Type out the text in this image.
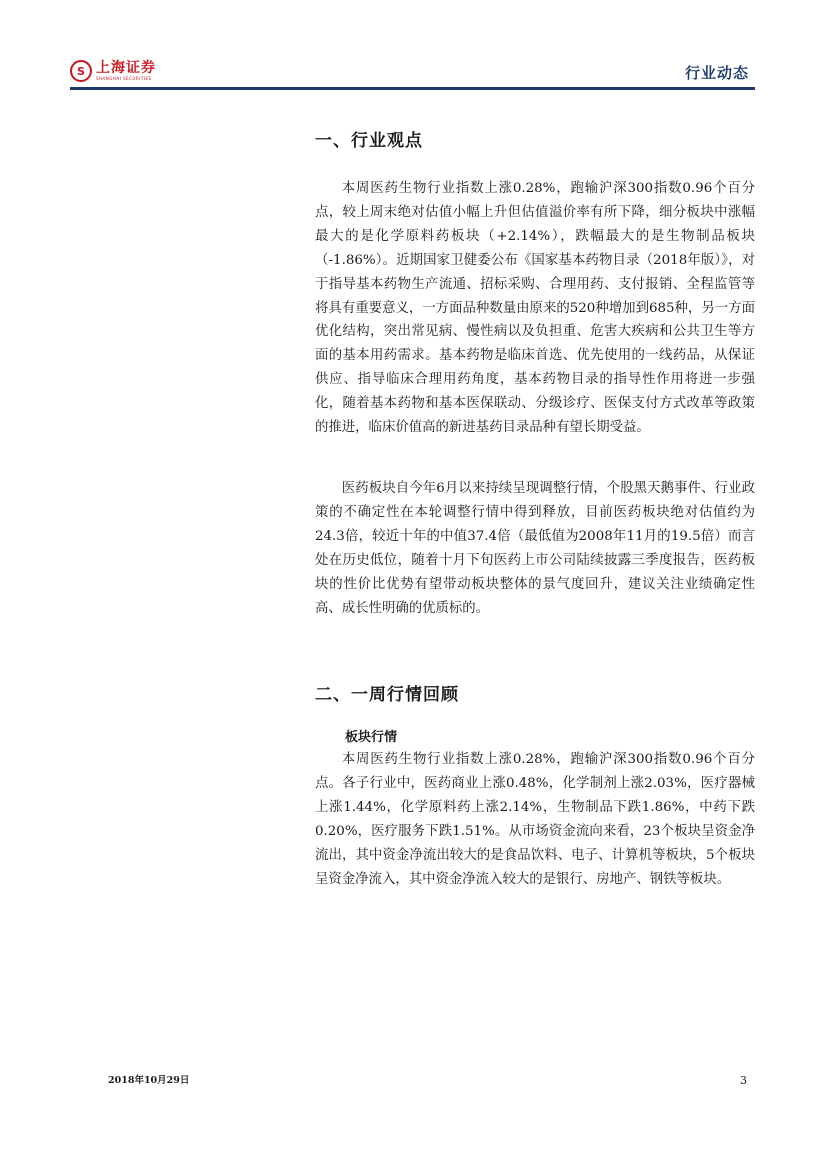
S 上海证券
SHANGHAI SECURITIES	行业动态
一、行业观点

本周医药生物行业指数上涨0.28%，跑输沪深300指数0.96个百分点，较上周末绝对估值小幅上升但估值溢价率有所下降，细分板块中涨幅最大的是化学原料药板块（+2.14%），跌幅最大的是生物制品板块（-1.86%）。近期国家卫健委公布《国家基本药物目录（2018年版）》，对于指导基本药物生产流通、招标采购、合理用药、支付报销、全程监管等将具有重要意义，一方面品种数量由原来的520种增加到685种，另一方面优化结构，突出常见病、慢性病以及负担重、危害大疾病和公共卫生等方面的基本用药需求。基本药物是临床首选、优先使用的一线药品，从保证供应、指导临床合理用药角度，基本药物目录的指导性作用将进一步强化，随着基本药物和基本医保联动、分级诊疗、医保支付方式改革等政策的推进，临床价值高的新进基药目录品种有望长期受益。

医药板块自今年6月以来持续呈现调整行情，个股黑天鹅事件、行业政策的不确定性在本轮调整行情中得到释放，目前医药板块绝对估值约为24.3倍，较近十年的中值37.4倍（最低值为2008年11月的19.5倍）而言处在历史低位，随着十月下旬医药上市公司陆续披露三季度报告，医药板块的性价比优势有望带动板块整体的景气度回升，建议关注业绩确定性高、成长性明确的优质标的。

二、一周行情回顾
板块行情

本周医药生物行业指数上涨0.28%，跑输沪深300指数0.96个百分点。各子行业中，医药商业上涨0.48%，化学制剂上涨2.03%，医疗器械上涨1.44%，化学原料药上涨2.14%，生物制品下跌1.86%，中药下跌0.20%，医疗服务下跌1.51%。从市场资金流向来看，23个板块呈资金净流出，其中资金净流出较大的是食品饮料、电子、计算机等板块，5个板块呈资金净流入，其中资金净流入较大的是银行、房地产、钢铁等板块。

2018年10月29日	3
